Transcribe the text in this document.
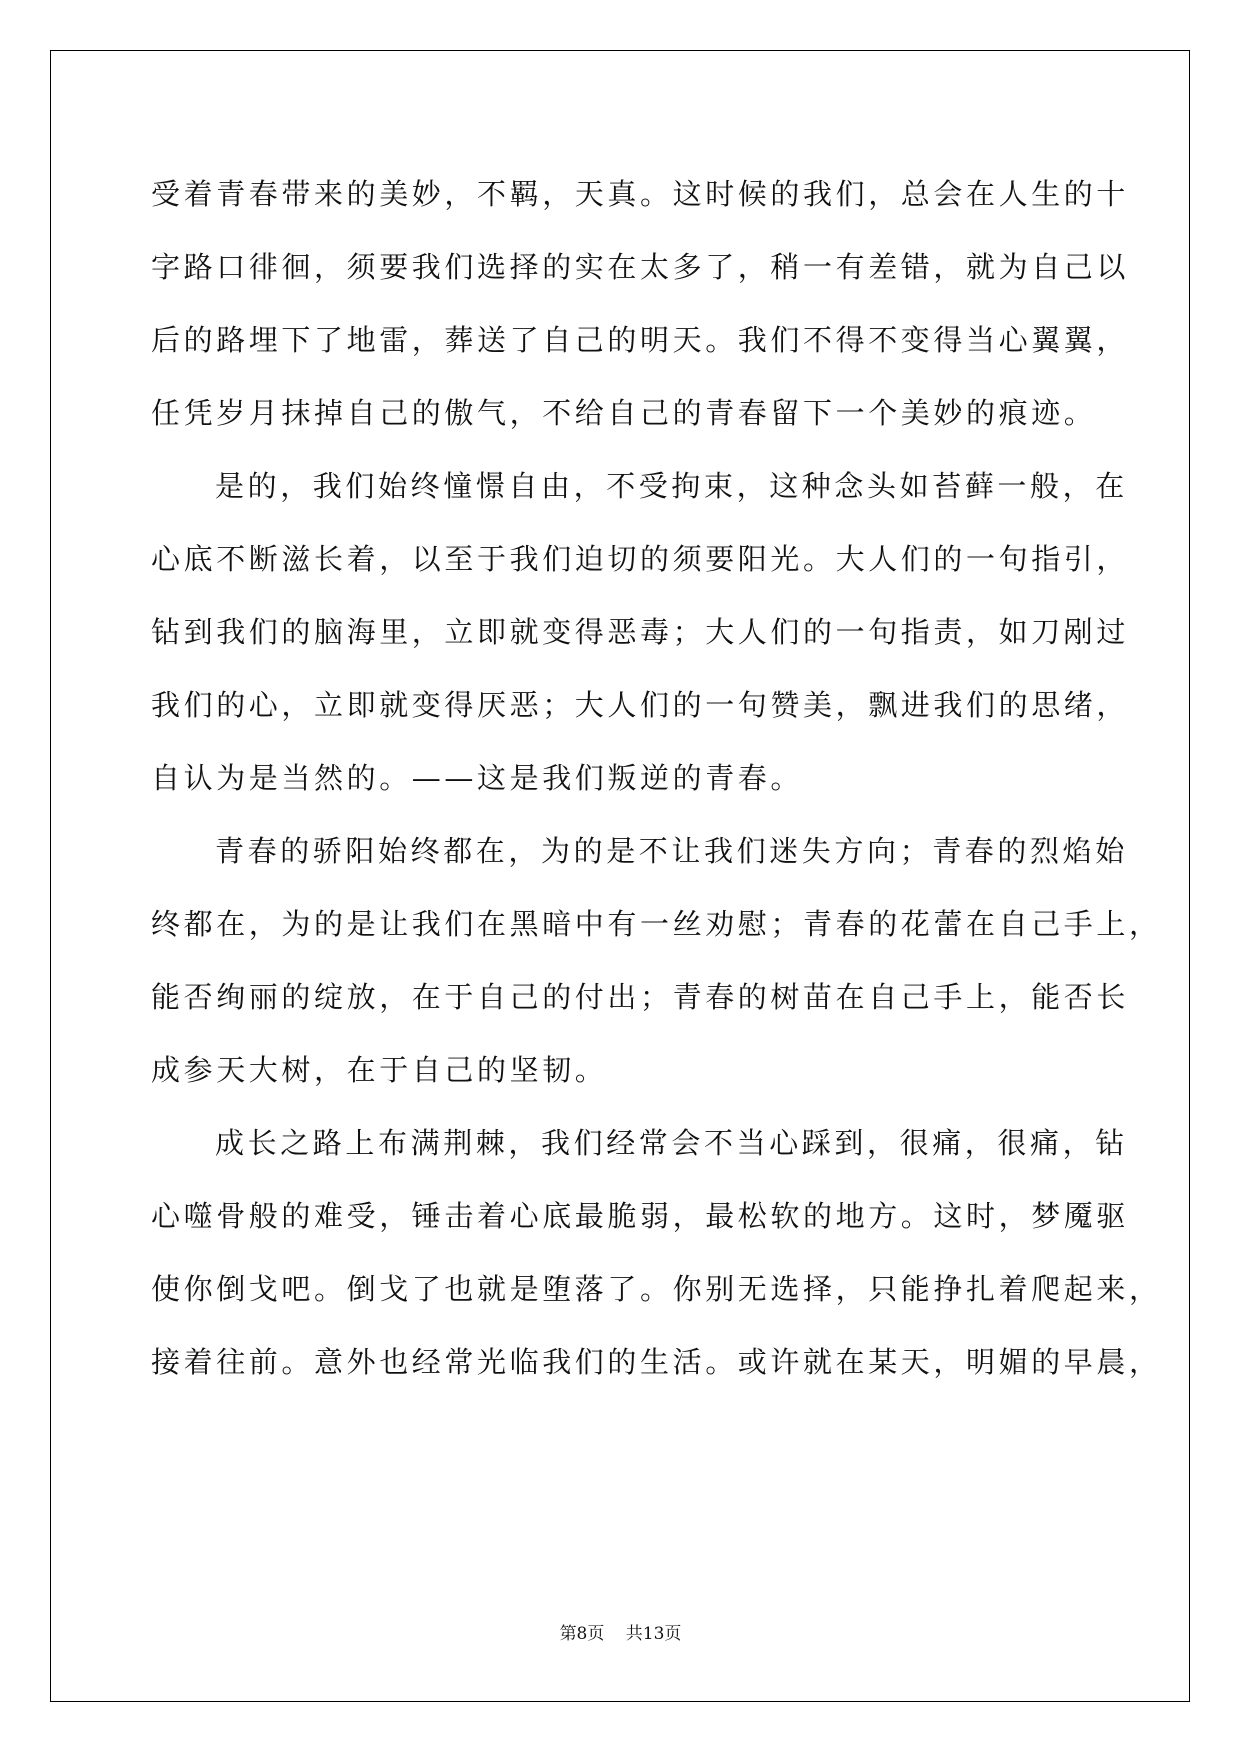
受着青春带来的美妙，不羁，天真。这时候的我们，总会在人生的十
字路口徘徊，须要我们选择的实在太多了，稍一有差错，就为自己以
后的路埋下了地雷，葬送了自己的明天。我们不得不变得当心翼翼，
任凭岁月抹掉自己的傲气，不给自己的青春留下一个美妙的痕迹。
是的，我们始终憧憬自由，不受拘束，这种念头如苔藓一般，在
心底不断滋长着，以至于我们迫切的须要阳光。大人们的一句指引，
钻到我们的脑海里，立即就变得恶毒；大人们的一句指责，如刀剐过
我们的心，立即就变得厌恶；大人们的一句赞美，飘进我们的思绪，
自认为是当然的。——这是我们叛逆的青春。
青春的骄阳始终都在，为的是不让我们迷失方向；青春的烈焰始
终都在，为的是让我们在黑暗中有一丝劝慰；青春的花蕾在自己手上，
能否绚丽的绽放，在于自己的付出；青春的树苗在自己手上，能否长
成参天大树，在于自己的坚韧。
成长之路上布满荆棘，我们经常会不当心踩到，很痛，很痛，钻
心噬骨般的难受，锤击着心底最脆弱，最松软的地方。这时，梦魇驱
使你倒戈吧。倒戈了也就是堕落了。你别无选择，只能挣扎着爬起来，
接着往前。意外也经常光临我们的生活。或许就在某天，明媚的早晨，
第8页 共13页
